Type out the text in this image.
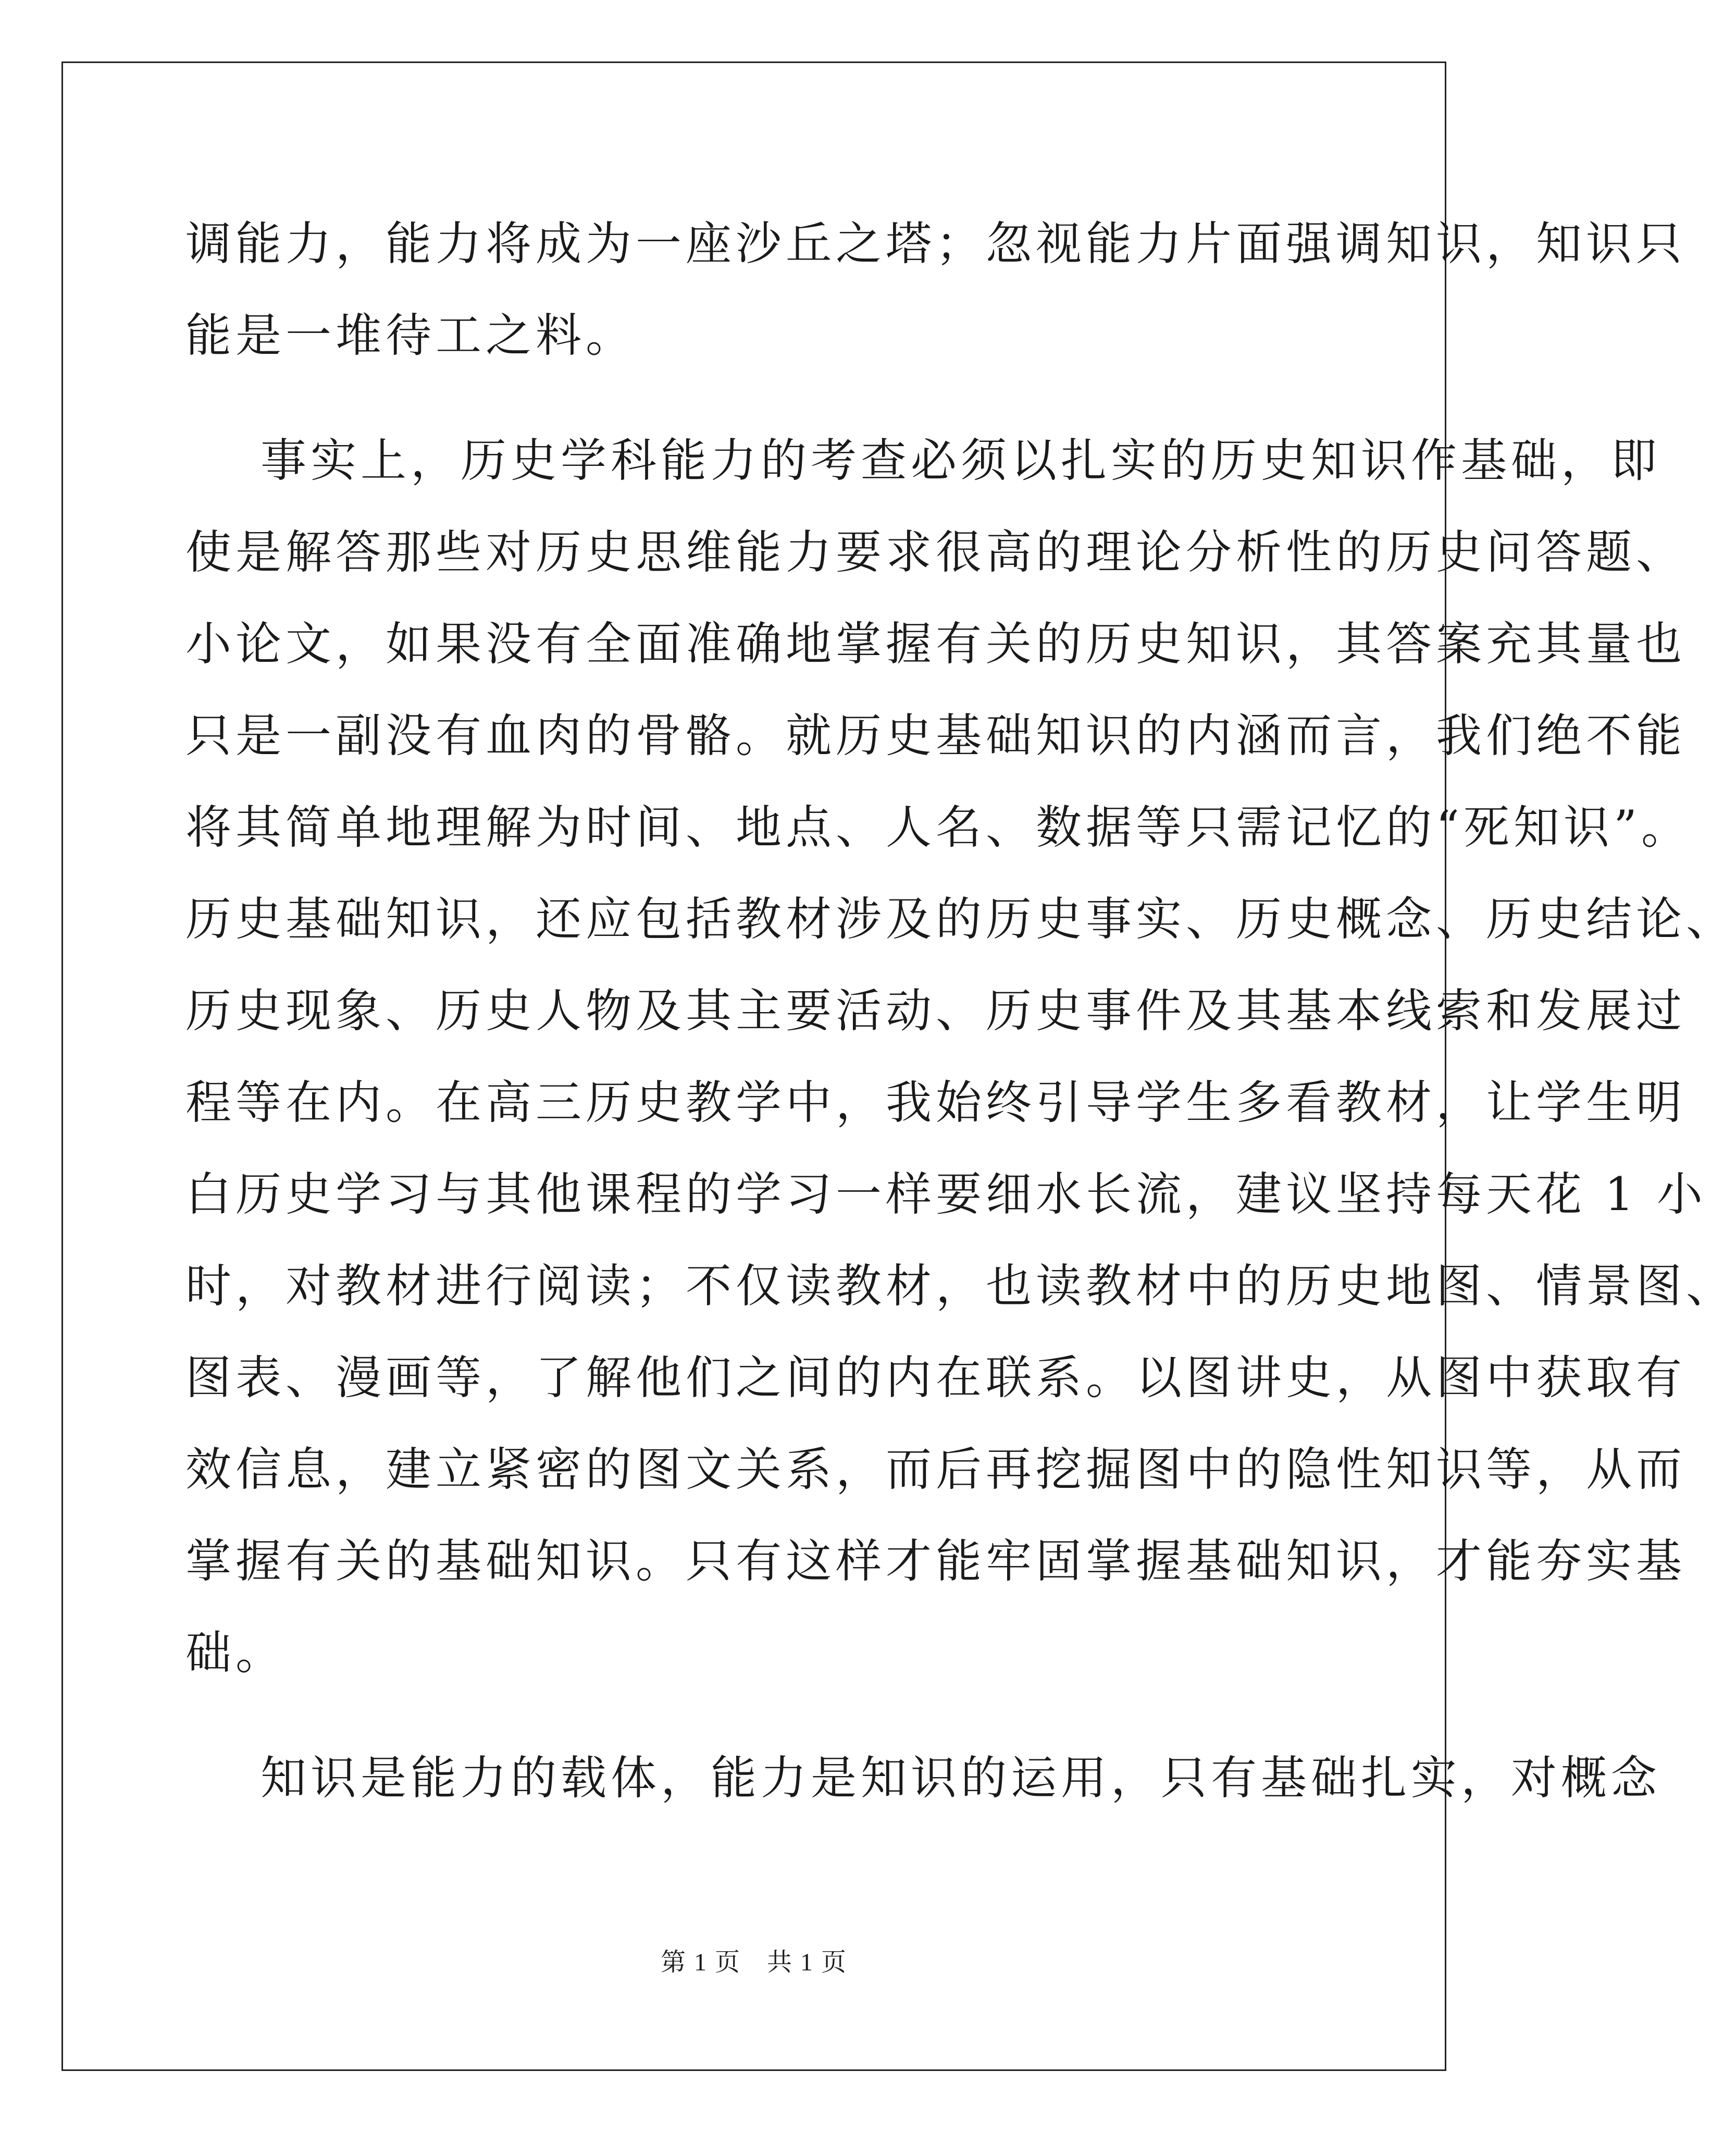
调能力，能力将成为一座沙丘之塔；忽视能力片面强调知识，知识只
能是一堆待工之料。
事实上，历史学科能力的考查必须以扎实的历史知识作基础，即
使是解答那些对历史思维能力要求很高的理论分析性的历史问答题、
小论文，如果没有全面准确地掌握有关的历史知识，其答案充其量也
只是一副没有血肉的骨骼。就历史基础知识的内涵而言，我们绝不能
将其简单地理解为时间、地点、人名、数据等只需记忆的“死知识”。
历史基础知识，还应包括教材涉及的历史事实、历史概念、历史结论、
历史现象、历史人物及其主要活动、历史事件及其基本线索和发展过
程等在内。在高三历史教学中，我始终引导学生多看教材，让学生明
白历史学习与其他课程的学习一样要细水长流，建议坚持每天花 1 小
时，对教材进行阅读；不仅读教材，也读教材中的历史地图、情景图、
图表、漫画等，了解他们之间的内在联系。以图讲史，从图中获取有
效信息，建立紧密的图文关系，而后再挖掘图中的隐性知识等，从而
掌握有关的基础知识。只有这样才能牢固掌握基础知识，才能夯实基
础。
知识是能力的载体，能力是知识的运用，只有基础扎实，对概念
第 1 页　共 1 页
